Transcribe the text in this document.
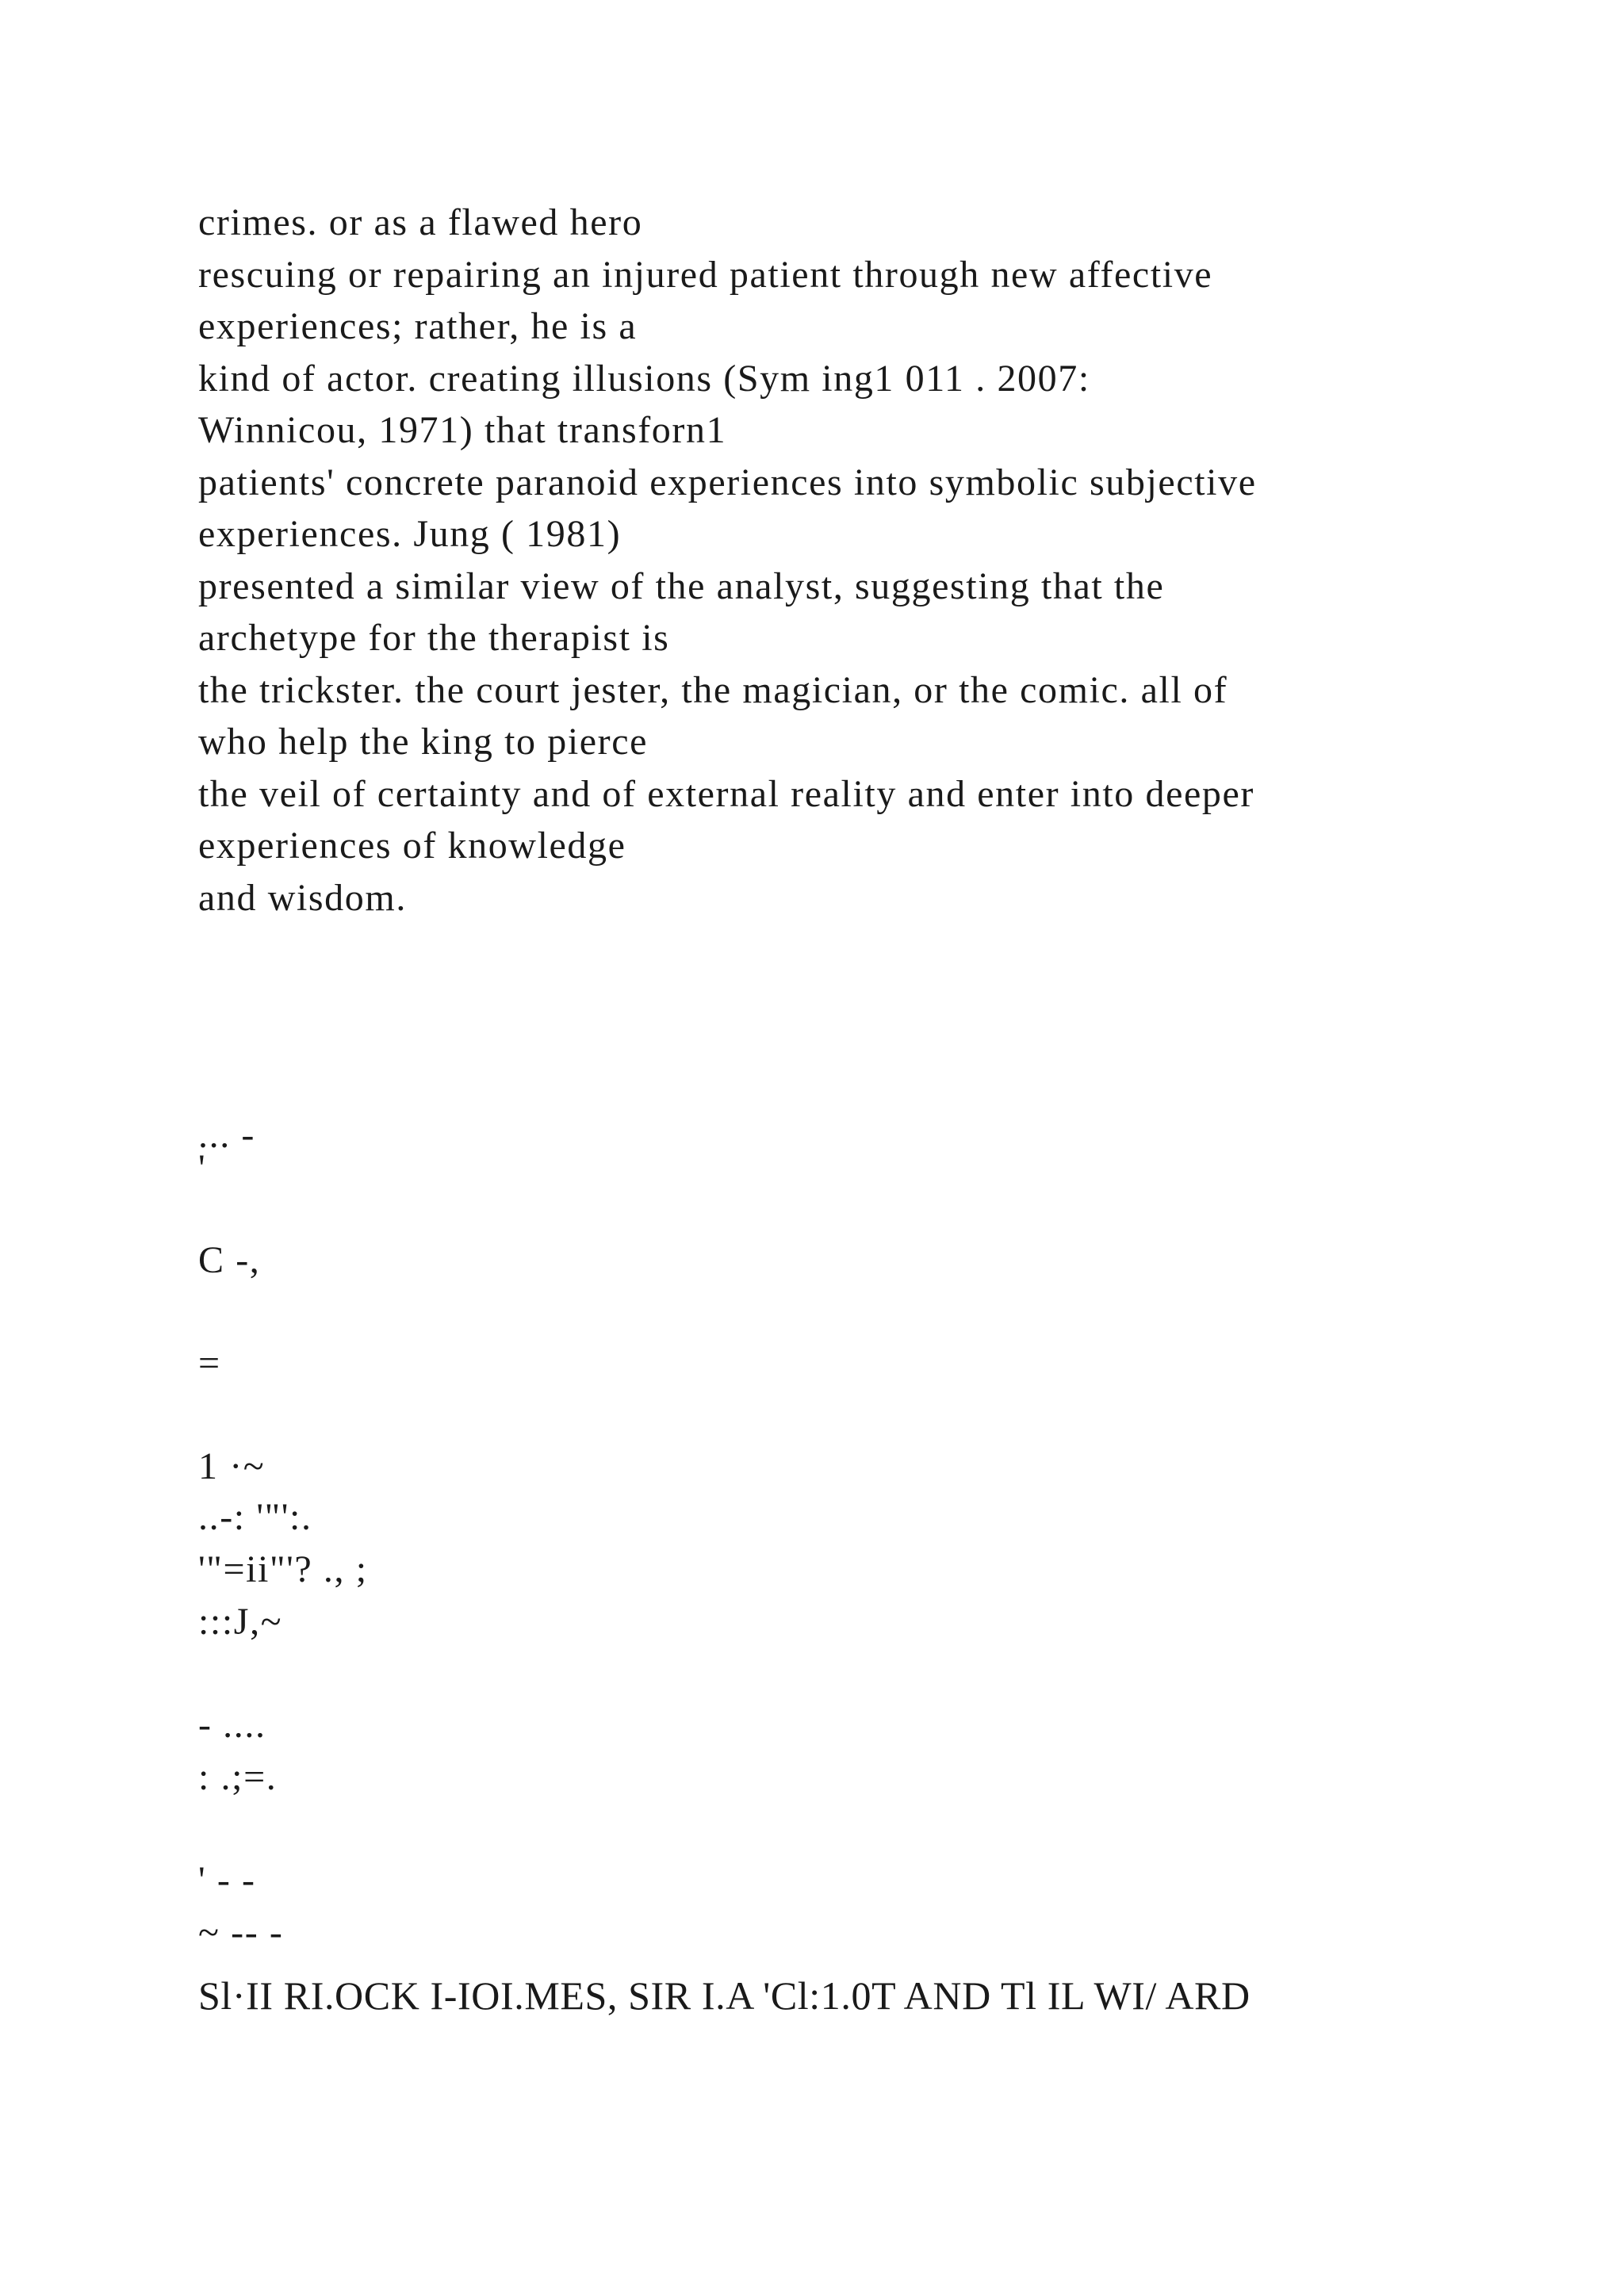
crimes. or as a flawed hero
rescuing or repairing an injured patient through new affective
experiences; rather, he is a
kind of actor. creating illusions (Sym ing1 011 . 2007:
Winnicou, 1971) that transforn1
patients' concrete paranoid experiences into symbolic subjective
experiences. Jung ( 1981)
presented a similar view of the analyst, suggesting that the
archetype for the therapist is
the trickster. the court jester, the magician, or the comic. all of
who help the king to pierce
the veil of certainty and of external reality and enter into deeper
experiences of knowledge
and wisdom.
... -
'
C -,
=
1 ·~
..-: '"':.
'"=ii"'? ., ;
:::J,~
- ....
: .;=.
' - -
~ -- -
Sl·II RI.OCK I-IOI.MES, SIR I.A 'Cl:1.0T AND Tl IL WI/ ARD
